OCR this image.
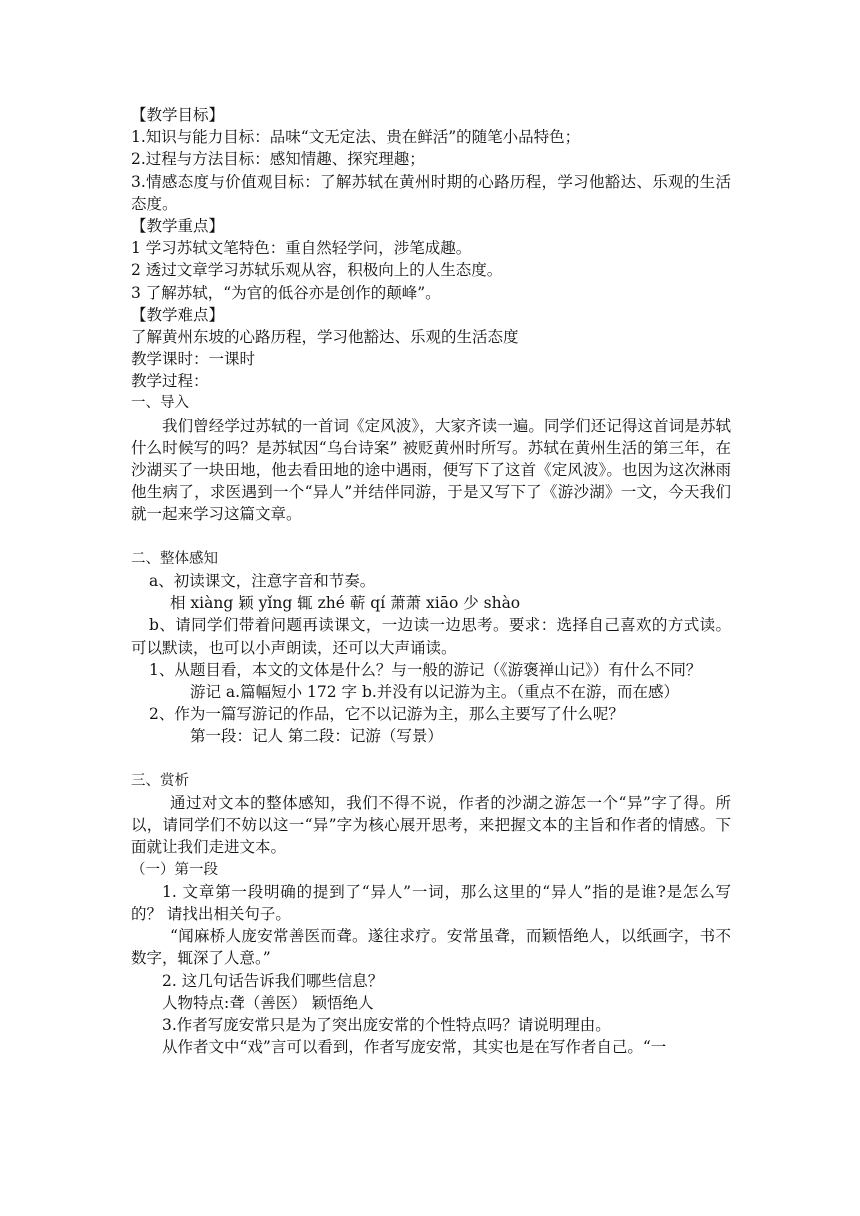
【教学目标】
1.知识与能力目标：品味“文无定法、贵在鲜活”的随笔小品特色；
2.过程与方法目标：感知情趣、探究理趣；
3.情感态度与价值观目标：了解苏轼在黄州时期的心路历程，学习他豁达、乐观的生活态度。
【教学重点】
1 学习苏轼文笔特色：重自然轻学问，涉笔成趣。
2 透过文章学习苏轼乐观从容，积极向上的人生态度。
3 了解苏轼，“为官的低谷亦是创作的颠峰”。
【教学难点】
了解黄州东坡的心路历程，学习他豁达、乐观的生活态度
教学课时：一课时
教学过程：
一、导入
我们曾经学过苏轼的一首词《定风波》，大家齐读一遍。同学们还记得这首词是苏轼什么时候写的吗？是苏轼因“乌台诗案” 被贬黄州时所写。苏轼在黄州生活的第三年，在沙湖买了一块田地，他去看田地的途中遇雨，便写下了这首《定风波》。也因为这次淋雨他生病了，求医遇到一个“异人”并结伴同游，于是又写下了《游沙湖》一文，今天我们就一起来学习这篇文章。
二、整体感知
a、初读课文，注意字音和节奏。
相 xiàng 颖 yǐng 辄 zhé 蕲 qí 萧萧 xiāo 少 shào
b、请同学们带着问题再读课文，一边读一边思考。要求：选择自己喜欢的方式读。可以默读，也可以小声朗读，还可以大声诵读。
1、从题目看，本文的文体是什么？与一般的游记（《游褒禅山记》）有什么不同？
游记 a.篇幅短小 172 字 b.并没有以记游为主。（重点不在游，而在感）
2、作为一篇写游记的作品，它不以记游为主，那么主要写了什么呢？
第一段：记人 第二段：记游（写景）
三、赏析
通过对文本的整体感知，我们不得不说，作者的沙湖之游怎一个“异”字了得。所以，请同学们不妨以这一“异”字为核心展开思考，来把握文本的主旨和作者的情感。下面就让我们走进文本。
（一）第一段
1. 文章第一段明确的提到了“异人”一词，那么这里的“异人”指的是谁?是怎么写的？ 请找出相关句子。
“闻麻桥人庞安常善医而聋。遂往求疗。安常虽聋，而颖悟绝人，以纸画字，书不数字，辄深了人意。”
2. 这几句话告诉我们哪些信息？
人物特点:聋（善医） 颖悟绝人
3.作者写庞安常只是为了突出庞安常的个性特点吗？请说明理由。
从作者文中“戏”言可以看到，作者写庞安常，其实也是在写作者自己。“一
